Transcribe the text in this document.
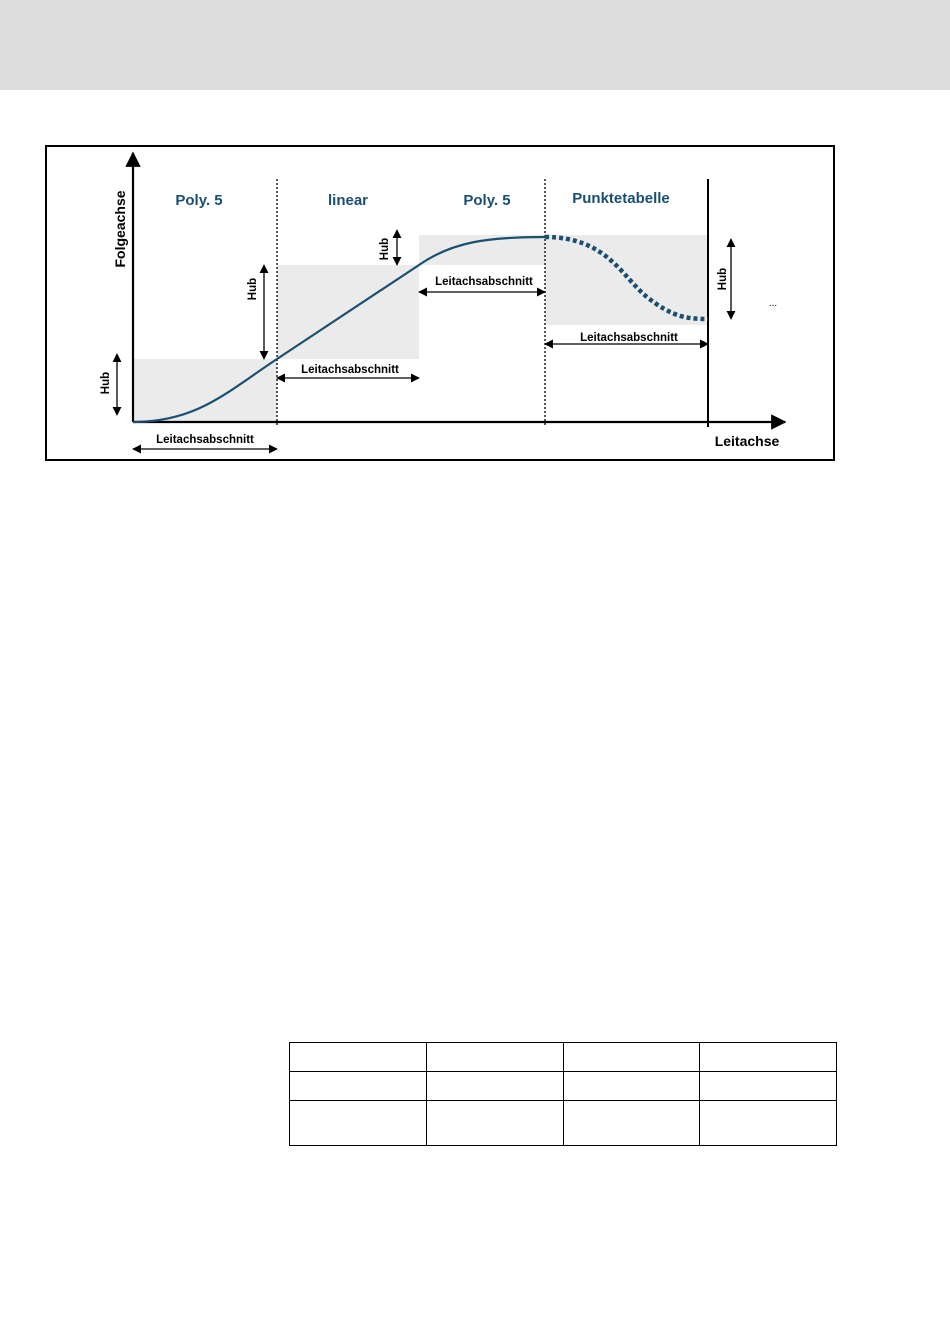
Poly. 5	linear	Poly. 5	Punktetabelle
Folgeachse
Leitachse
Hub
Hub
Hub
Hub
Leitachsabschnitt
Leitachsabschnitt
Leitachsabschnitt
Leitachsabschnitt
...
